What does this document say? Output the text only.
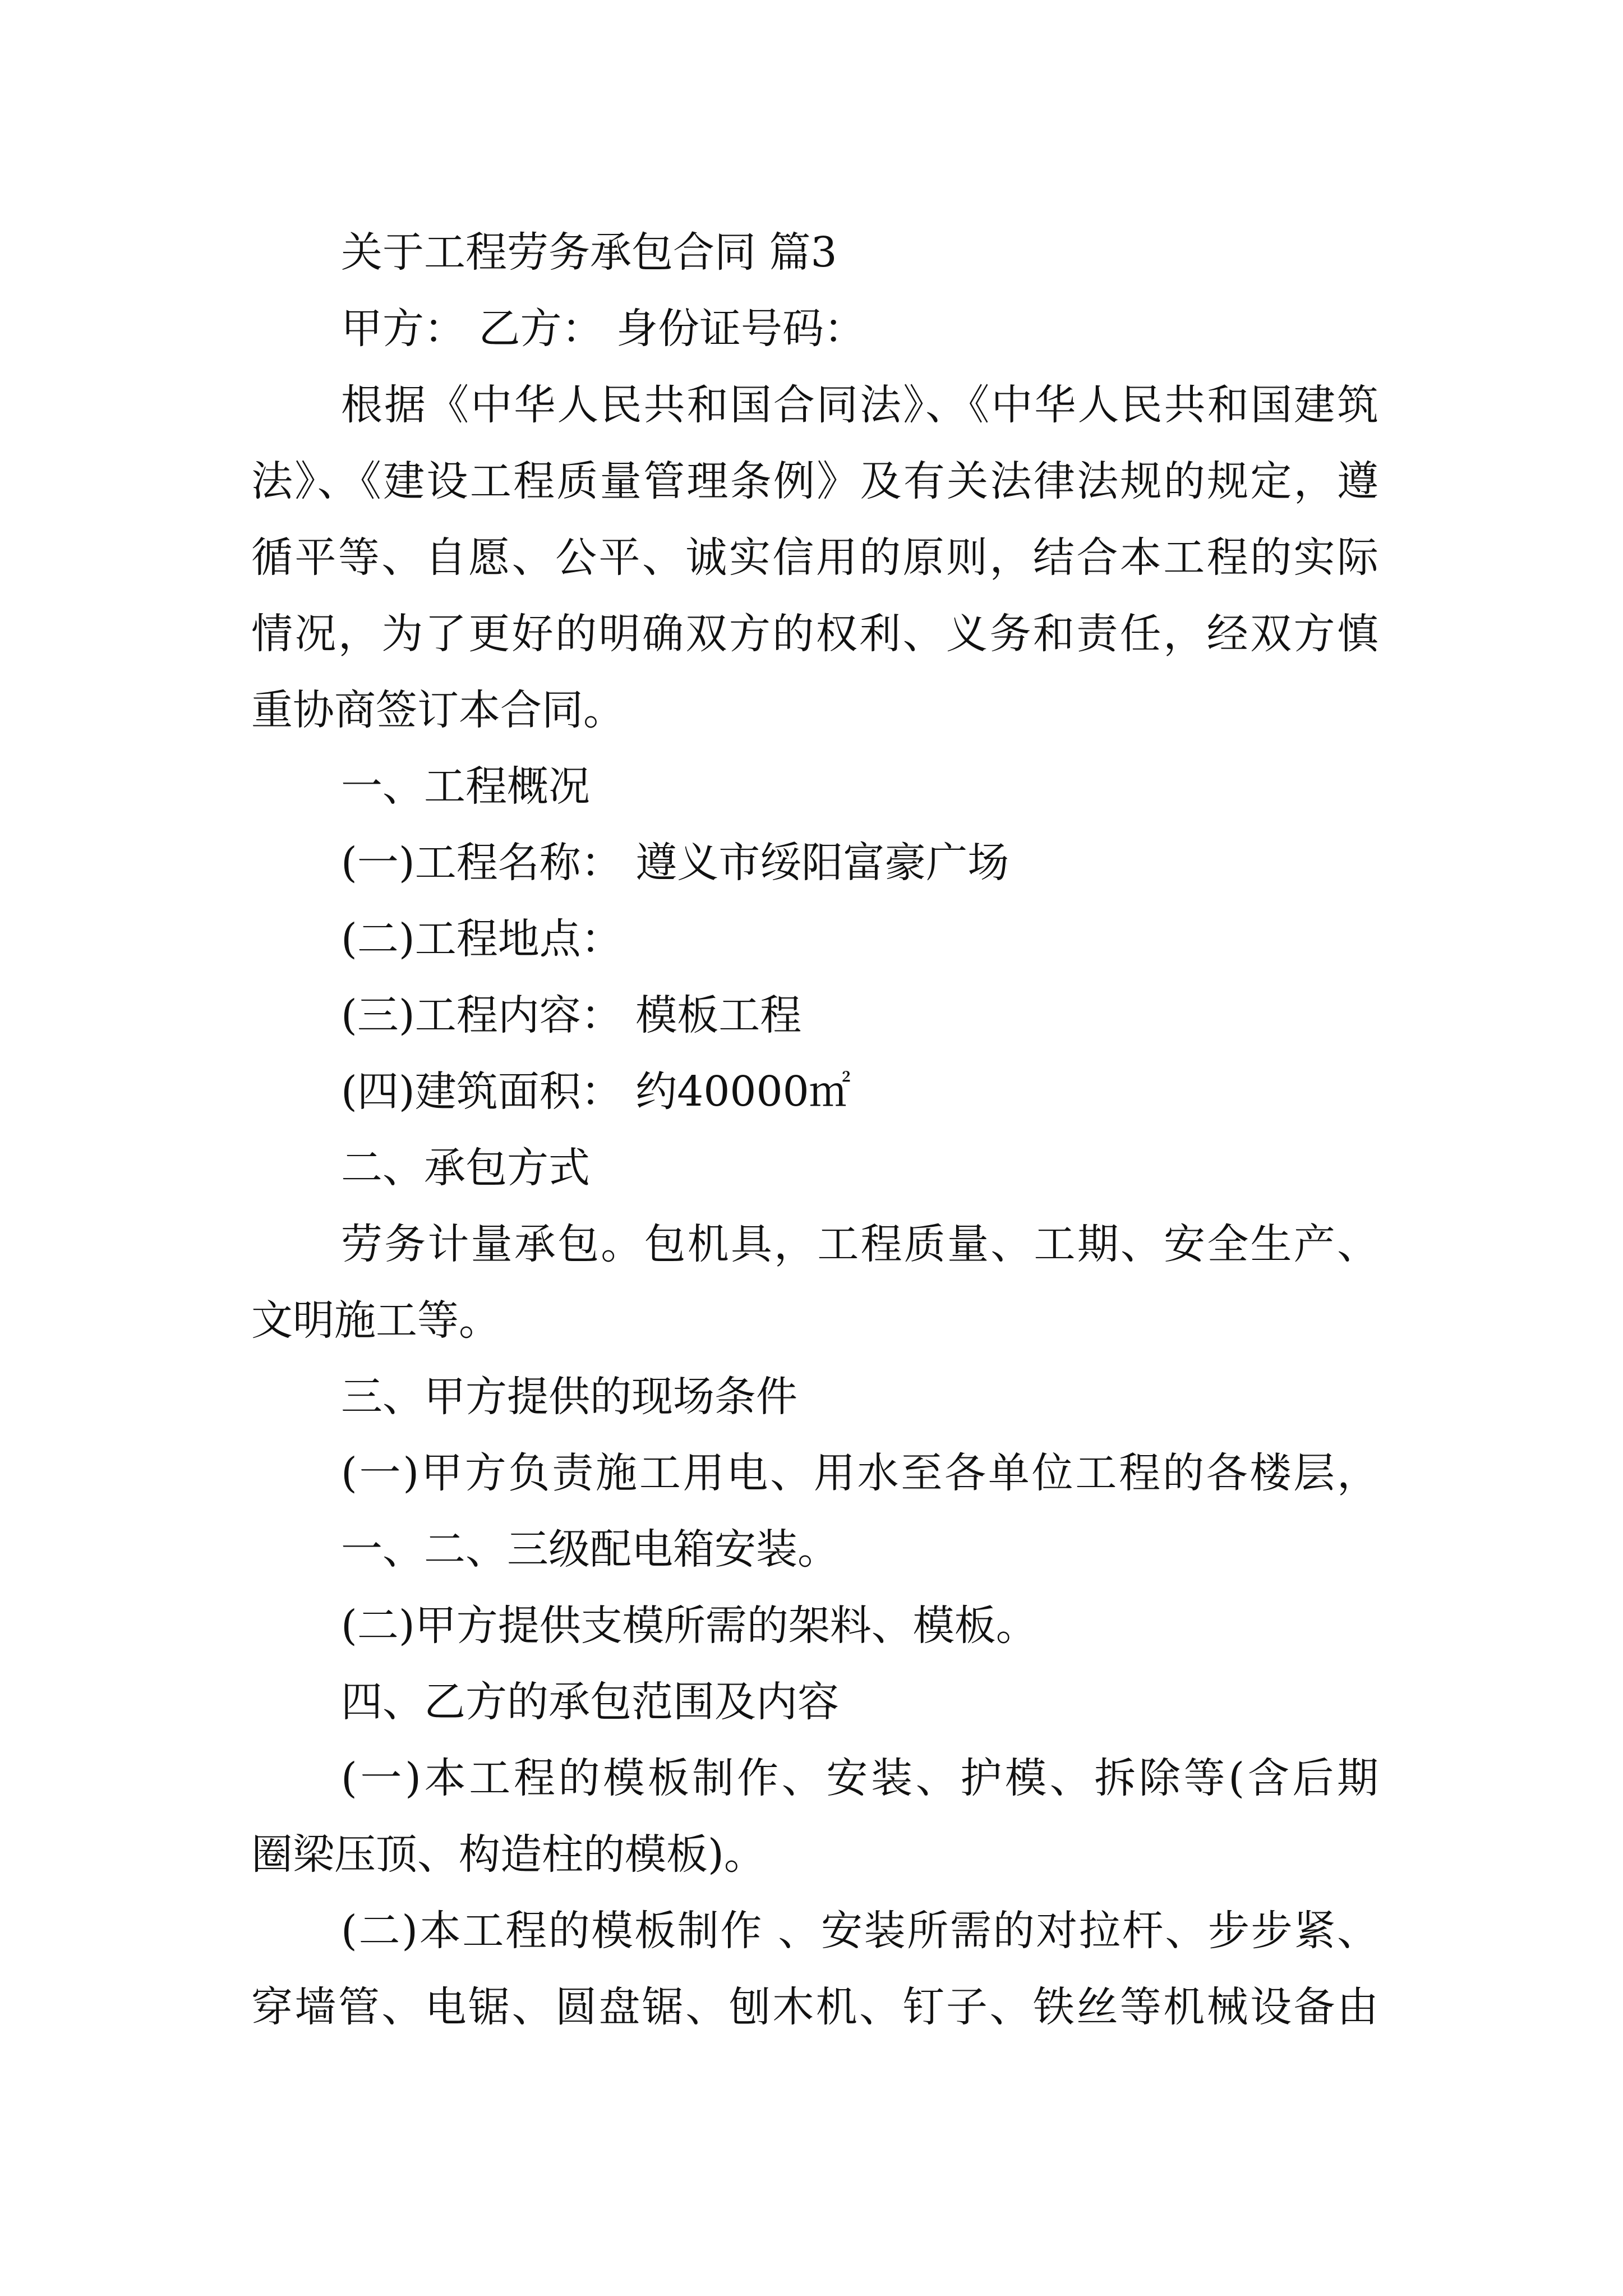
关于工程劳务承包合同 篇3
甲方： 乙方： 身份证号码：
根据《中华人民共和国合同法》、《中华人民共和国建筑
法》、《建设工程质量管理条例》及有关法律法规的规定，遵
循平等、自愿、公平、诚实信用的原则，结合本工程的实际
情况，为了更好的明确双方的权利、义务和责任，经双方慎
重协商签订本合同。
一、工程概况
(一)工程名称： 遵义市绥阳富豪广场
(二)工程地点：
(三)工程内容： 模板工程
(四)建筑面积： 约40000㎡
二、承包方式
劳务计量承包。包机具，工程质量、工期、安全生产、
文明施工等。
三、甲方提供的现场条件
(一)甲方负责施工用电、用水至各单位工程的各楼层，
一、二、三级配电箱安装。
(二)甲方提供支模所需的架料、模板。
四、乙方的承包范围及内容
(一)本工程的模板制作、安装、护模、拆除等(含后期
圈梁压顶、构造柱的模板)。
(二)本工程的模板制作 、安装所需的对拉杆、步步紧、
穿墙管、电锯、圆盘锯、刨木机、钉子、铁丝等机械设备由
